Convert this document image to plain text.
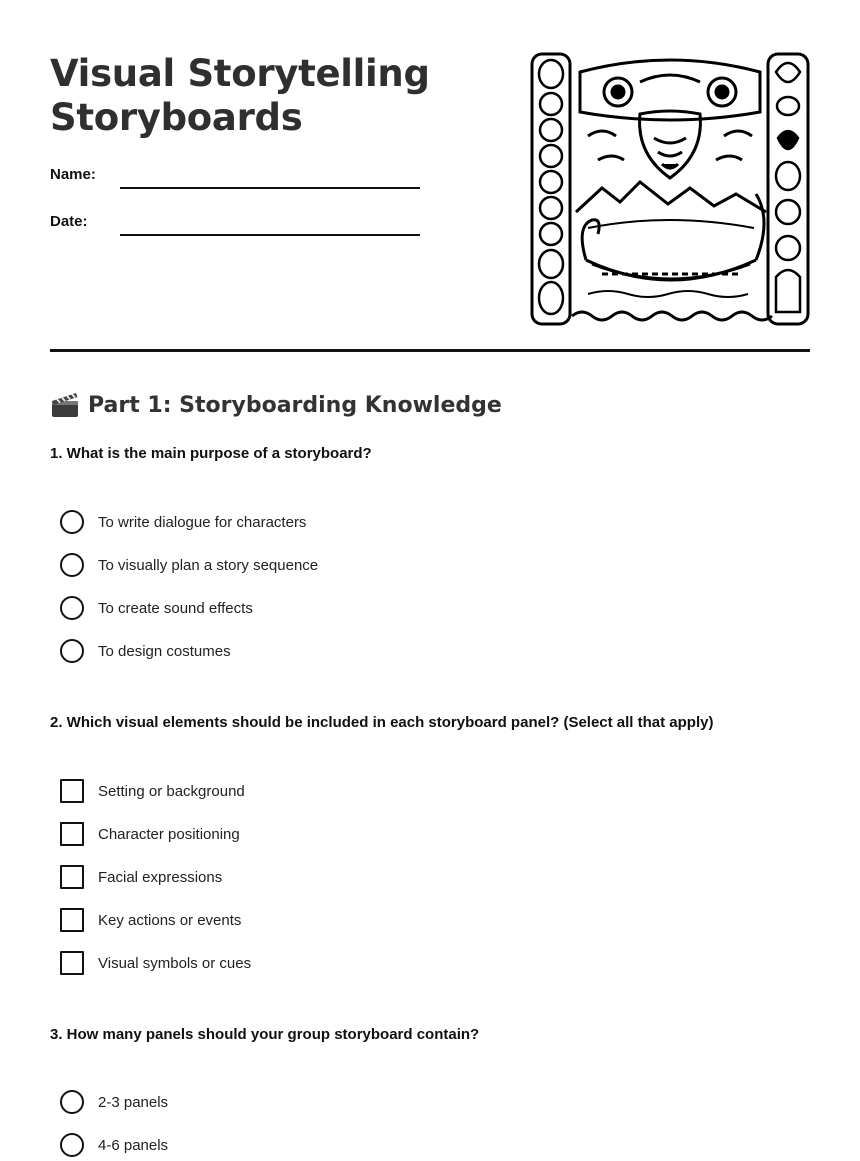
Visual Storytelling
Storyboards
Name:
Date:
Part 1: Storyboarding Knowledge

1. What is the main purpose of a storyboard?

To write dialogue for characters
To visually plan a story sequence
To create sound effects
To design costumes

2. Which visual elements should be included in each storyboard panel? (Select all that apply)

Setting or background
Character positioning
Facial expressions
Key actions or events
Visual symbols or cues

3. How many panels should your group storyboard contain?

2-3 panels
4-6 panels
